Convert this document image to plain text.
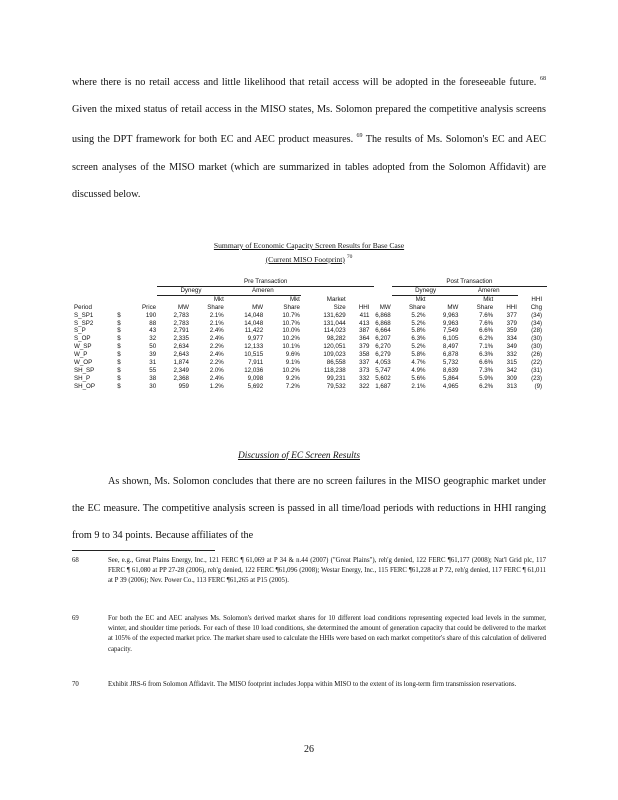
where there is no retail access and little likelihood that retail access will be adopted in the foreseeable future. $^{68}$ Given the mixed status of retail access in the MISO states, Ms. Solomon prepared the competitive analysis screens using the DPT framework for both EC and AEC product measures. $^{69}$ The results of Ms. Solomon's EC and AEC screen analyses of the MISO market (which are summarized in tables adopted from the Solomon Affidavit) are discussed below.
Summary of Economic Capacity Screen Results for Base Case
(Current MISO Footprint) $^{70}$
		Pre Transaction								Post Transaction					
		Dynegy		Ameren						Dynegy		Ameren			
			Mkt		Mkt	Market				Mkt		Mkt		HHI	
Period	Price	MW	Share	MW	Share	Size	HHI		MW	Share	MW	Share	HHI	Chg	
S_SP1	$ 190	2,783	2.1%	14,048	10.7%	131,629	411		6,868	5.2%	9,963	7.6%	377	(34)	
S_SP2	$ 88	2,783	2.1%	14,048	10.7%	131,044	413		6,868	5.2%	9,963	7.6%	379	(34)	
S_P	$ 43	2,791	2.4%	11,422	10.0%	114,023	387		6,664	5.8%	7,549	6.6%	359	(28)	
S_OP	$ 32	2,335	2.4%	9,977	10.2%	98,282	364		6,207	6.3%	6,105	6.2%	334	(30)	
W_SP	$ 50	2,634	2.2%	12,133	10.1%	120,051	379		6,270	5.2%	8,497	7.1%	349	(30)	
W_P	$ 39	2,643	2.4%	10,515	9.6%	109,023	358		6,279	5.8%	6,878	6.3%	332	(26)	
W_OP	$ 31	1,874	2.2%	7,911	9.1%	86,558	337		4,053	4.7%	5,732	6.6%	315	(22)	
SH_SP	$ 55	2,349	2.0%	12,036	10.2%	118,238	373		5,747	4.9%	8,639	7.3%	342	(31)	
SH_P	$ 38	2,368	2.4%	9,098	9.2%	99,231	332		5,602	5.6%	5,864	5.9%	309	(23)	
SH_OP	$ 30	959	1.2%	5,692	7.2%	79,532	322		1,687	2.1%	4,965	6.2%	313	(9)	
Discussion of EC Screen Results
As shown, Ms. Solomon concludes that there are no screen failures in the MISO geographic market under the EC measure. The competitive analysis screen is passed in all time/load periods with reductions in HHI ranging from 9 to 34 points. Because affiliates of the
68	See, e.g., Great Plains Energy, Inc., 121 FERC ¶ 61,069 at P 34 & n.44 (2007) ("Great Plains"), reh'g denied, 122 FERC ¶61,177 (2008); Nat'l Grid plc, 117 FERC ¶ 61,080 at PP 27-28 (2006), reh'g denied, 122 FERC ¶61,096 (2008); Westar Energy, Inc., 115 FERC ¶61,228 at P 72, reh'g denied, 117 FERC ¶ 61,011 at P 39 (2006); Nev. Power Co., 113 FERC ¶61,265 at P15 (2005).
69	For both the EC and AEC analyses Ms. Solomon's derived market shares for 10 different load conditions representing expected load levels in the summer, winter, and shoulder time periods. For each of these 10 load conditions, she determined the amount of generation capacity that could be delivered to the market at 105% of the expected market price. The market share used to calculate the HHIs were based on each market competitor's share of this calculation of delivered capacity.
70	Exhibit JRS-6 from Solomon Affidavit. The MISO footprint includes Joppa within MISO to the extent of its long-term firm transmission reservations.
26
